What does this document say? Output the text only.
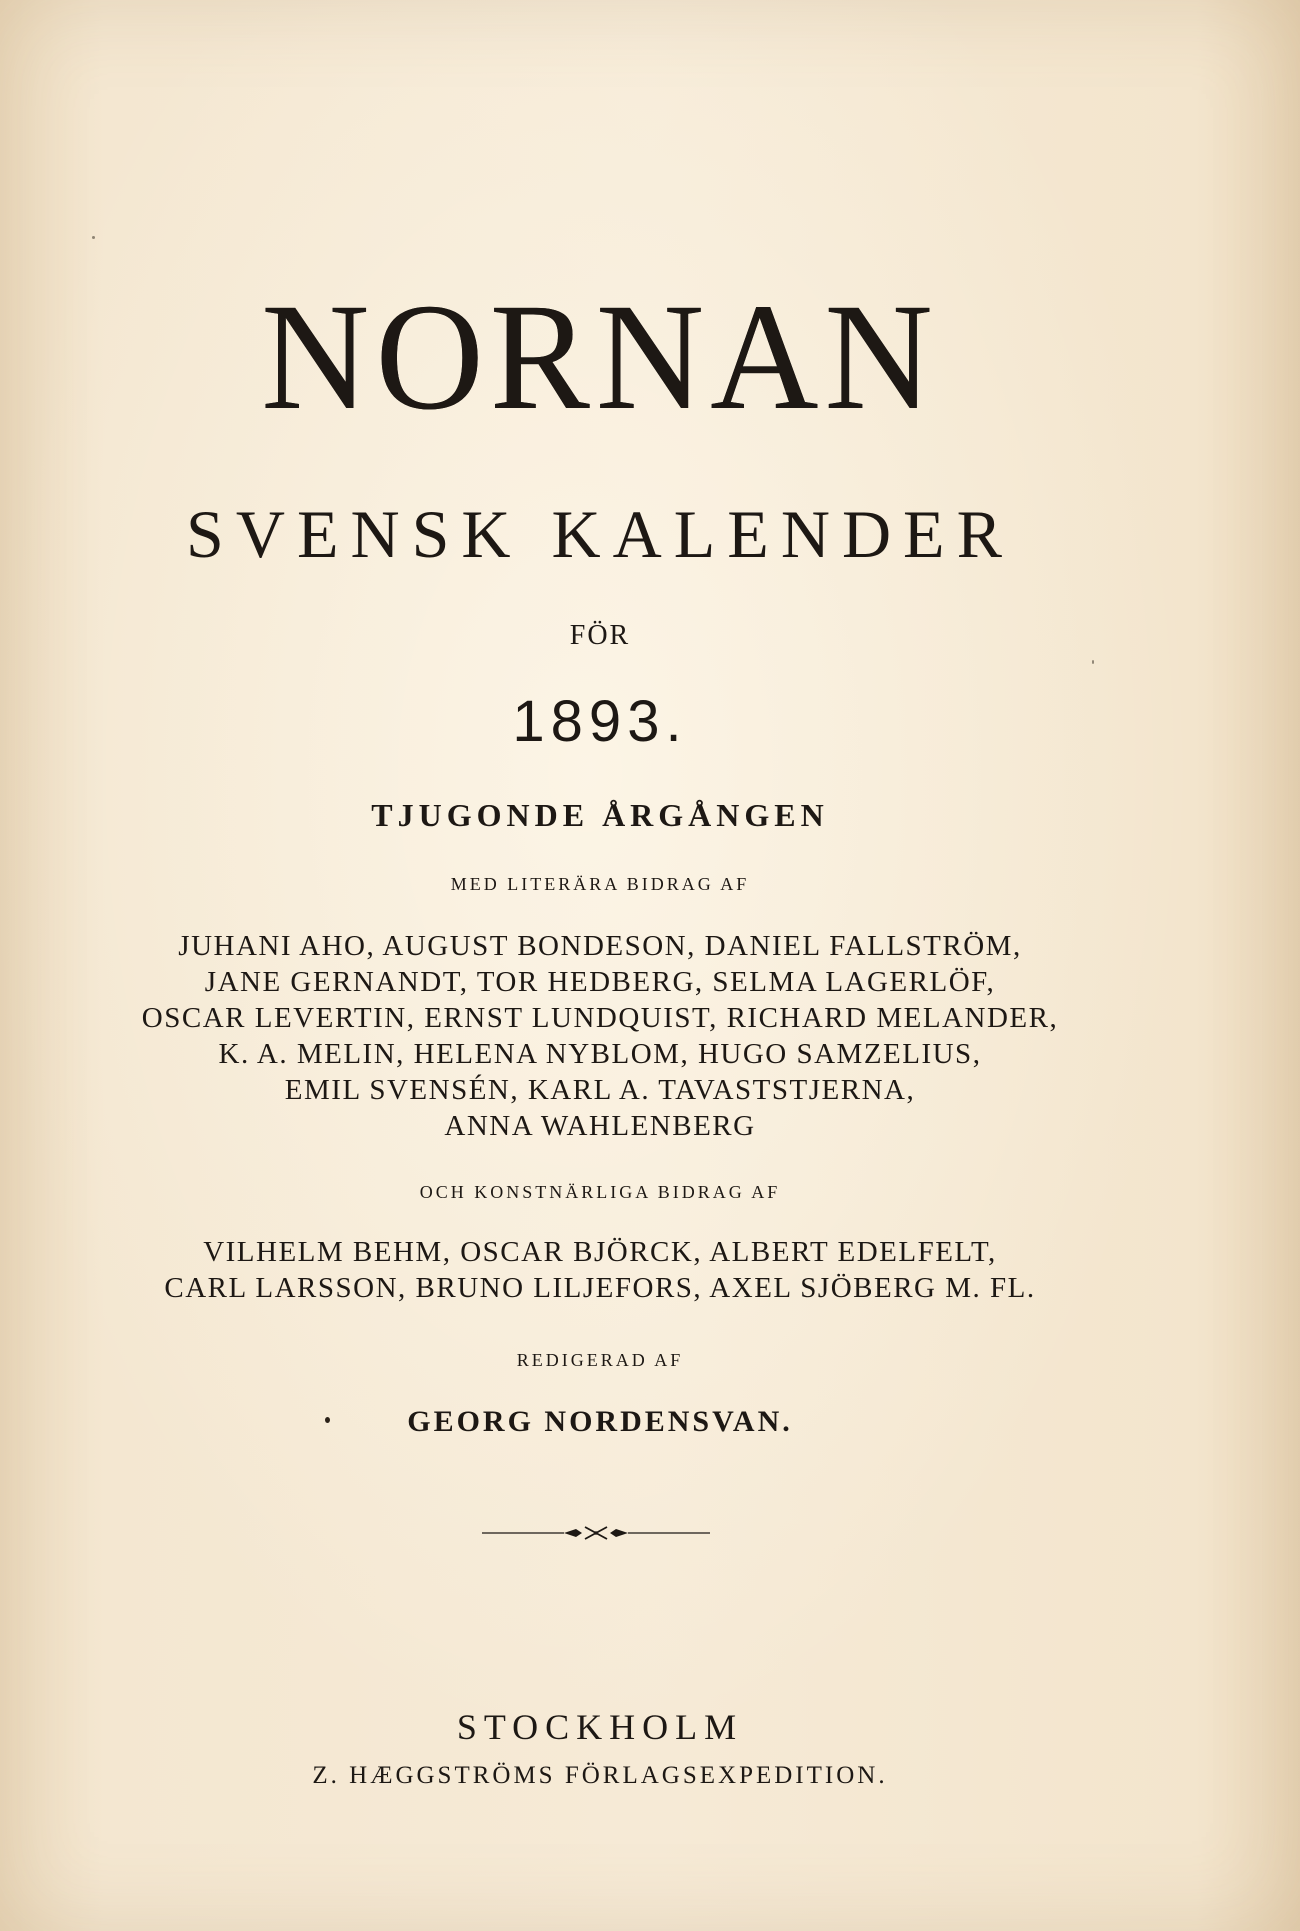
NORNAN
SVENSK KALENDER
FÖR
1893.
TJUGONDE ÅRGÅNGEN
MED LITERÄRA BIDRAG AF
JUHANI AHO, AUGUST BONDESON, DANIEL FALLSTRÖM,
JANE GERNANDT, TOR HEDBERG, SELMA LAGERLÖF,
OSCAR LEVERTIN, ERNST LUNDQUIST, RICHARD MELANDER,
K. A. MELIN, HELENA NYBLOM, HUGO SAMZELIUS,
EMIL SVENSÉN, KARL A. TAVASTSTJERNA,
ANNA WAHLENBERG
OCH KONSTNÄRLIGA BIDRAG AF
VILHELM BEHM, OSCAR BJÖRCK, ALBERT EDELFELT,
CARL LARSSON, BRUNO LILJEFORS, AXEL SJÖBERG M. FL.
REDIGERAD AF
GEORG NORDENSVAN.
STOCKHOLM
Z. HÆGGSTRÖMS FÖRLAGSEXPEDITION.
